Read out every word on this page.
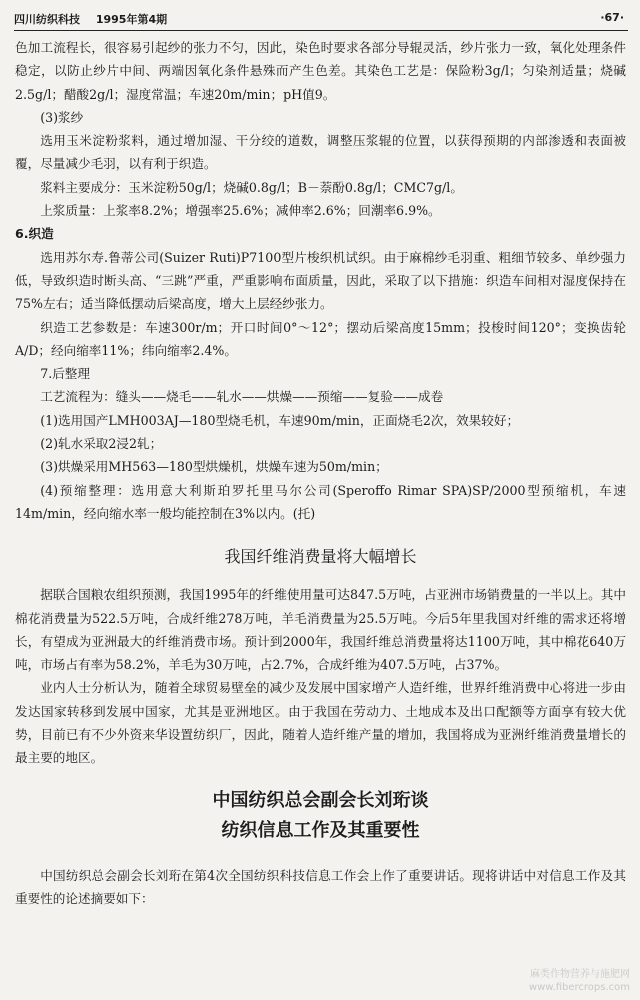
四川纺织科技 1995年第4期	·67·

色加工流程长，很容易引起纱的张力不匀，因此，染色时要求各部分导辊灵活，纱片张力一致，氧化处理条件稳定，以防止纱片中间、两端因氧化条件悬殊而产生色差。其染色工艺是：保险粉3g/l；匀染剂适量；烧碱2.5g/l；醋酸2g/l；湿度常温；车速20m/min；pH值9。

(3)浆纱

选用玉米淀粉浆料，通过增加湿、干分绞的道数，调整压浆辊的位置，以获得预期的内部渗透和表面被覆，尽量减少毛羽，以有利于织造。

浆料主要成分：玉米淀粉50g/l；烧碱0.8g/l；B－萘酚0.8g/l；CMC7g/l。

上浆质量：上浆率8.2%；增强率25.6%；减伸率2.6%；回潮率6.9%。

6.织造

选用苏尔寿.鲁蒂公司(Suizer Ruti)P7100型片梭织机试织。由于麻棉纱毛羽重、粗细节较多、单纱强力低，导致织造时断头高、“三跳”严重，严重影响布面质量，因此，采取了以下措施：织造车间相对湿度保持在75%左右；适当降低摆动后梁高度，增大上层经纱张力。

织造工艺参数是：车速300r/m；开口时间0°～12°；摆动后梁高度15mm；投梭时间120°；变换齿轮A/D；经向缩率11%；纬向缩率2.4%。

7.后整理

工艺流程为：缝头——烧毛——轧水——烘燥——预缩——复验——成卷

(1)选用国产LMH003AJ—180型烧毛机，车速90m/min，正面烧毛2次，效果较好；

(2)轧水采取2浸2轧；

(3)烘燥采用MH563—180型烘燥机，烘燥车速为50m/min；

(4)预缩整理：选用意大利斯珀罗托里马尔公司(Speroffo Rimar SPA)SP/2000型预缩机，车速14m/min，经向缩水率一般均能控制在3%以内。(托)

我国纤维消费量将大幅增长

据联合国粮农组织预测，我国1995年的纤维使用量可达847.5万吨，占亚洲市场销费量的一半以上。其中棉花消费量为522.5万吨，合成纤维278万吨，羊毛消费量为25.5万吨。今后5年里我国对纤维的需求还将增长，有望成为亚洲最大的纤维消费市场。预计到2000年，我国纤维总消费量将达1100万吨，其中棉花640万吨，市场占有率为58.2%，羊毛为30万吨，占2.7%，合成纤维为407.5万吨，占37%。

业内人士分析认为，随着全球贸易壁垒的减少及发展中国家增产人造纤维，世界纤维消费中心将进一步由发达国家转移到发展中国家，尤其是亚洲地区。由于我国在劳动力、土地成本及出口配额等方面享有较大优势，目前已有不少外资来华设置纺织厂，因此，随着人造纤维产量的增加，我国将成为亚洲纤维消费量增长的最主要的地区。

中国纺织总会副会长刘珩谈
纺织信息工作及其重要性

中国纺织总会副会长刘珩在第4次全国纺织科技信息工作会上作了重要讲话。现将讲话中对信息工作及其重要性的论述摘要如下：

麻类作物营养与施肥网
www.fibercrops.com
